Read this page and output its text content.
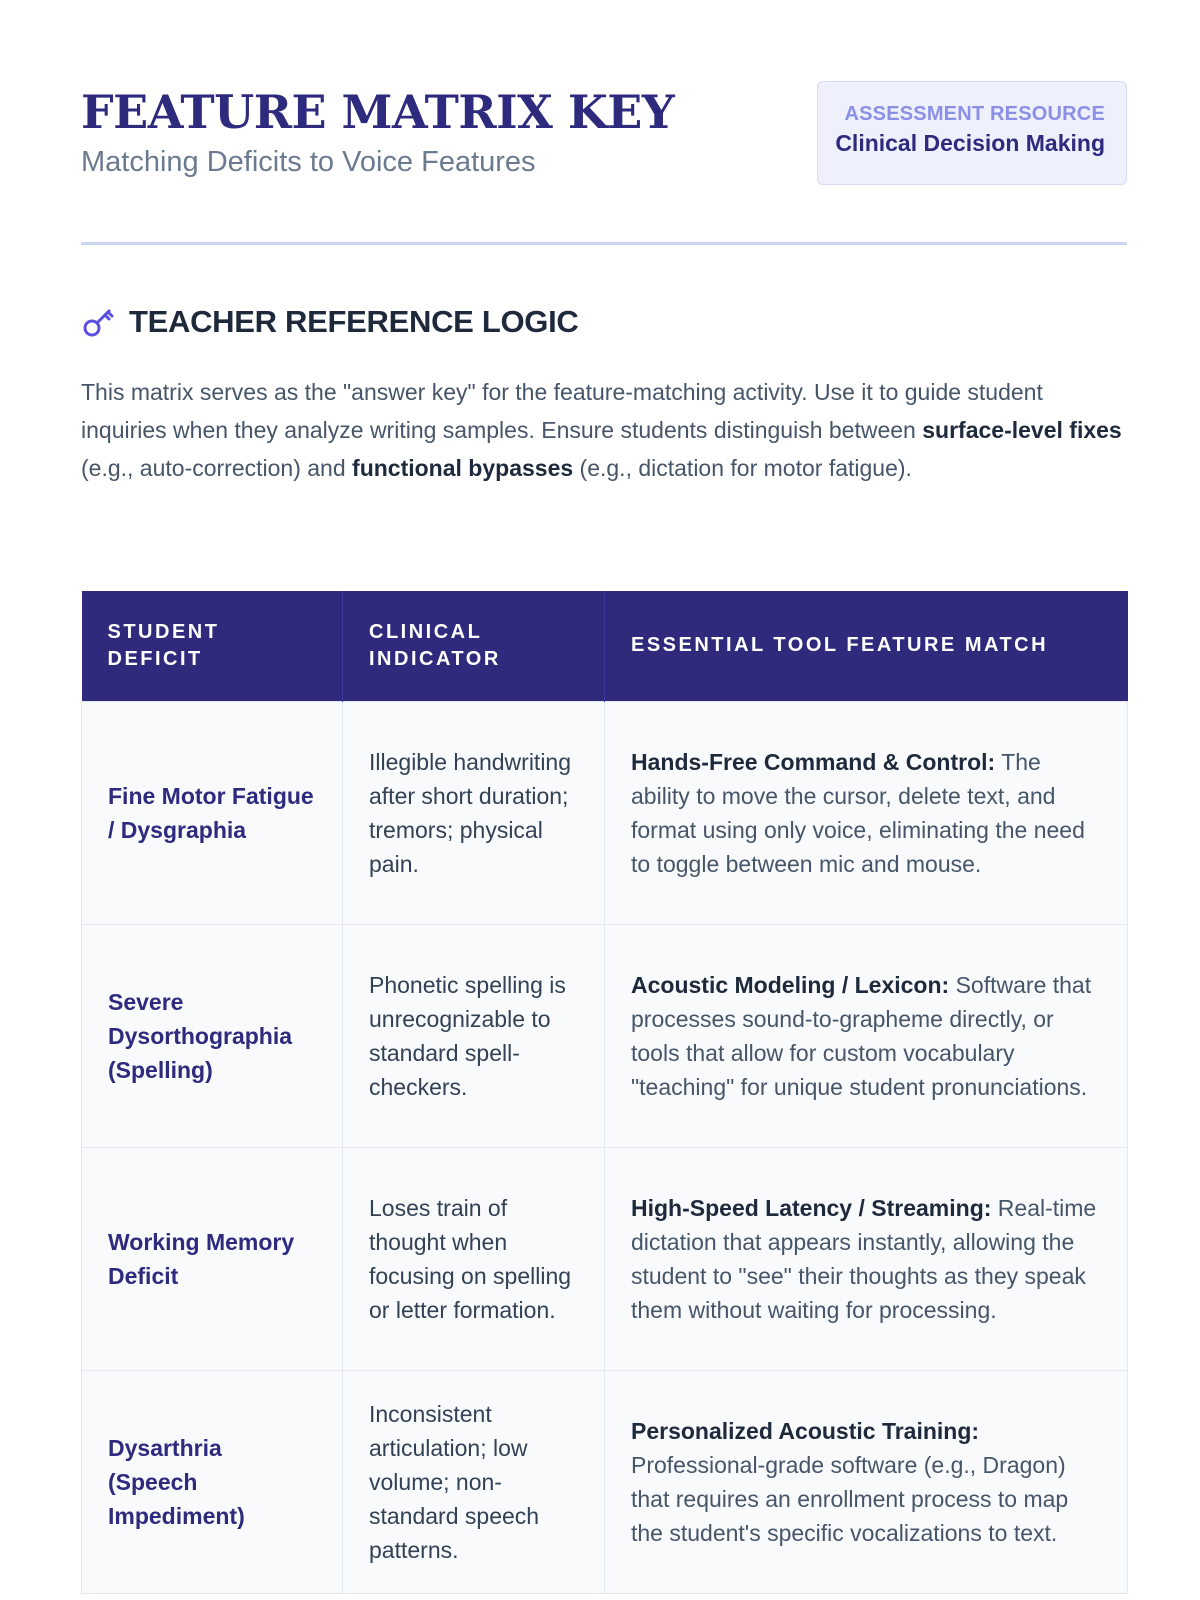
FEATURE MATRIX KEY
Matching Deficits to Voice Features
ASSESSMENT RESOURCE
Clinical Decision Making
TEACHER REFERENCE LOGIC

This matrix serves as the "answer key" for the feature-matching activity. Use it to guide student inquiries when they analyze writing samples. Ensure students distinguish between surface-level fixes (e.g., auto-correction) and functional bypasses (e.g., dictation for motor fatigue).

STUDENT DEFICIT	CLINICAL INDICATOR	ESSENTIAL TOOL FEATURE MATCH
Fine Motor Fatigue / Dysgraphia	Illegible handwriting after short duration; tremors; physical pain.	Hands-Free Command & Control: The ability to move the cursor, delete text, and format using only voice, eliminating the need to toggle between mic and mouse.
Severe Dysorthographia (Spelling)	Phonetic spelling is unrecognizable to standard spell-checkers.	Acoustic Modeling / Lexicon: Software that processes sound-to-grapheme directly, or tools that allow for custom vocabulary "teaching" for unique student pronunciations.
Working Memory Deficit	Loses train of thought when focusing on spelling or letter formation.	High-Speed Latency / Streaming: Real-time dictation that appears instantly, allowing the student to "see" their thoughts as they speak them without waiting for processing.
Dysarthria (Speech Impediment)	Inconsistent articulation; low volume; non-standard speech patterns.	Personalized Acoustic Training: Professional-grade software (e.g., Dragon) that requires an enrollment process to map the student's specific vocalizations to text.
